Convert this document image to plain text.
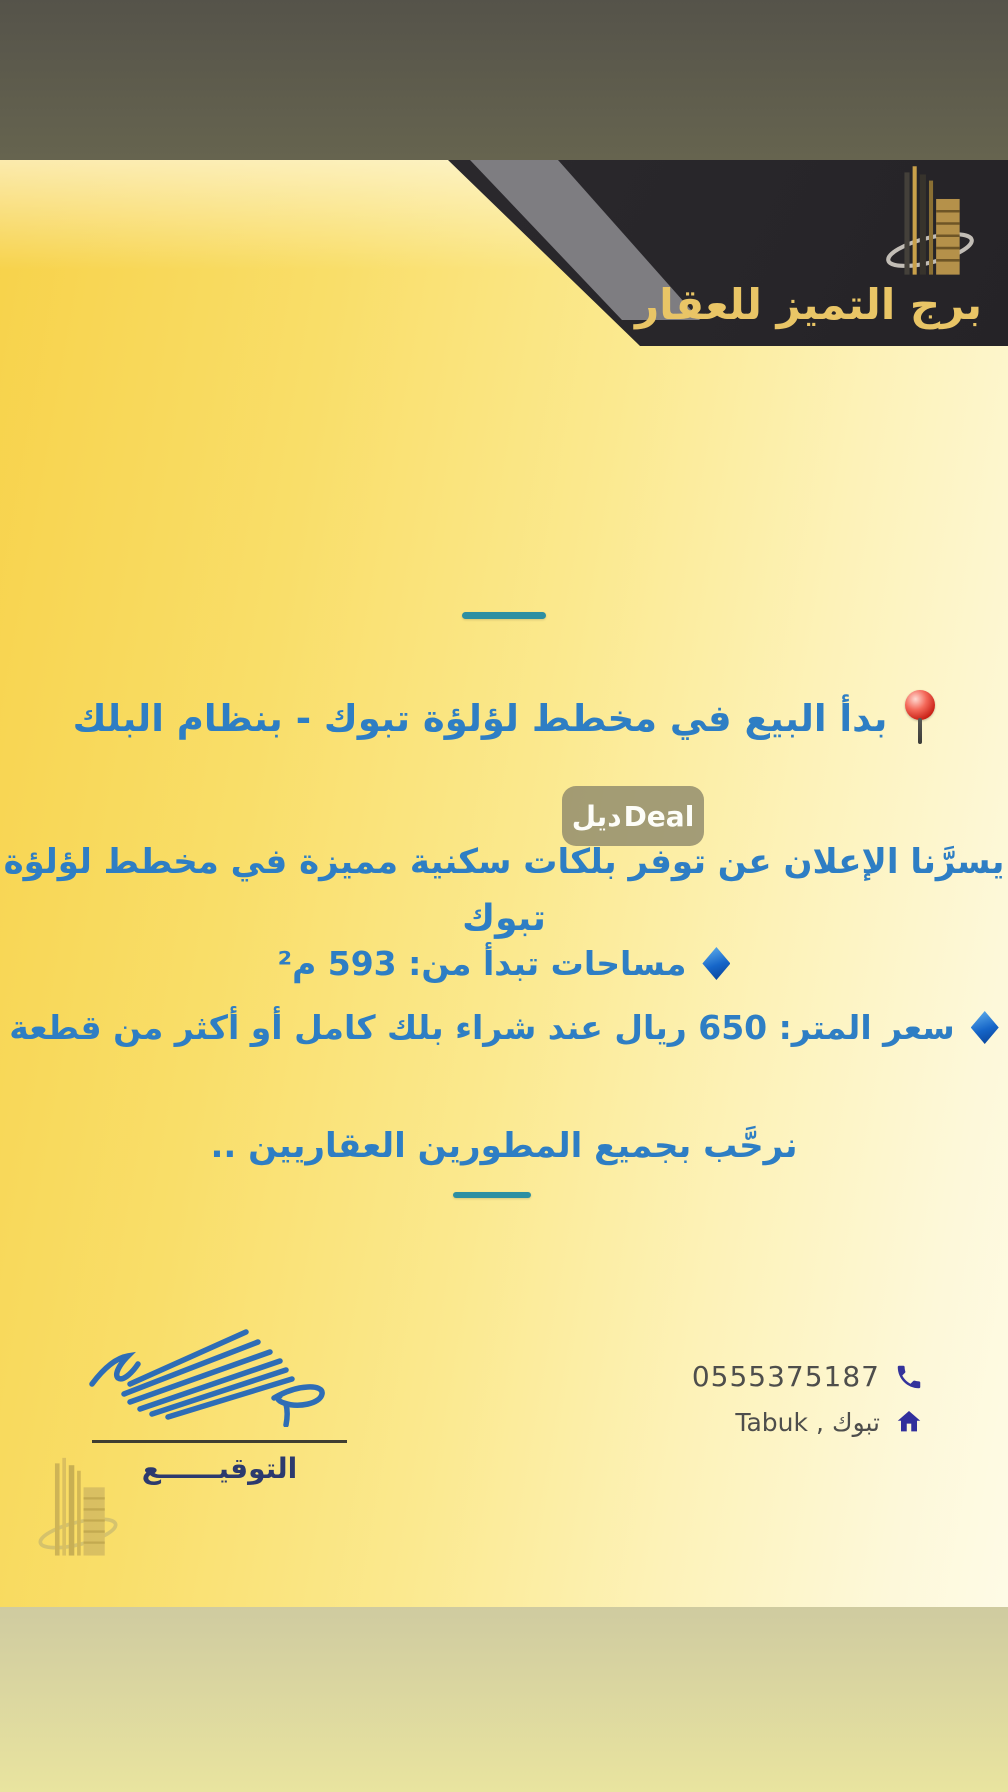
برج التميز للعقار
بدأ البيع في مخطط لؤلؤة تبوك - بنظام البلك
ديل Deal
يسرَّنا الإعلان عن توفر بلكات سكنية مميزة في مخطط لؤلؤة
تبوك
مساحات تبدأ من: 593 م²
سعر المتر: 650 ريال عند شراء بلك كامل أو أكثر من قطعة
نرحَّب بجميع المطورين العقاريين ..
التوقيــــــع
0555375187
Tabuk , تبوك
